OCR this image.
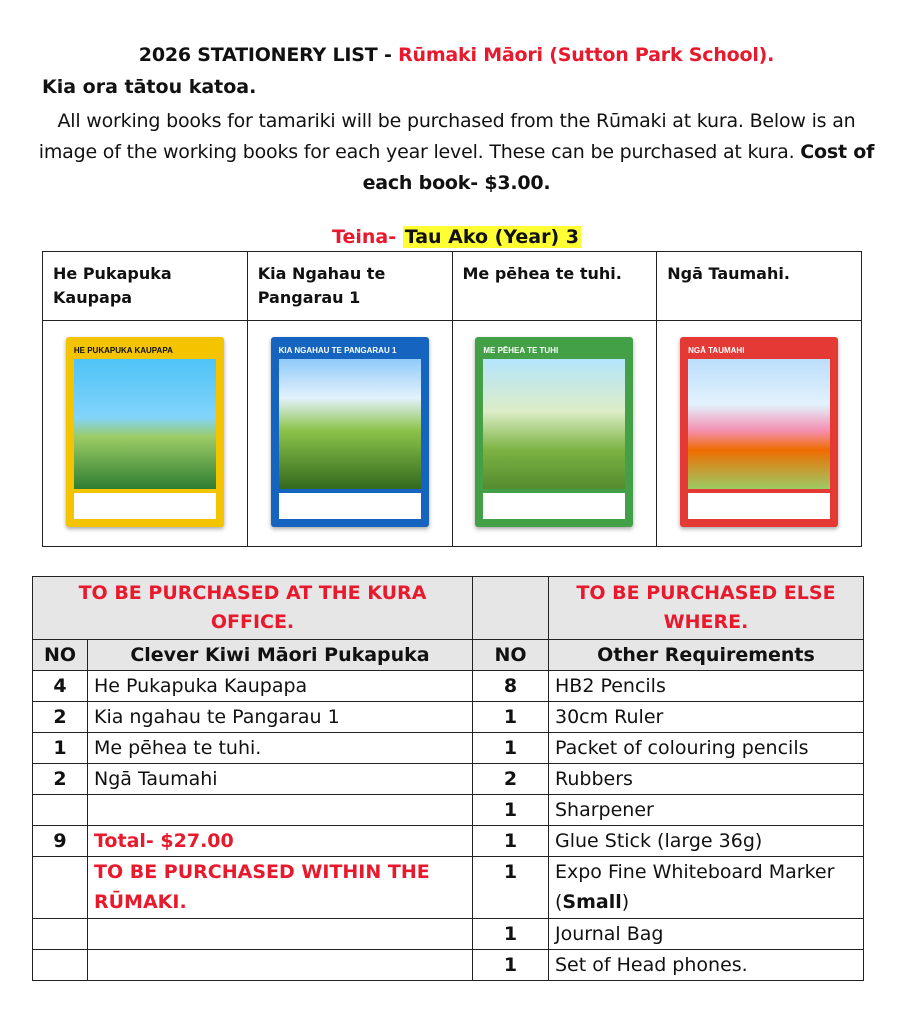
2026 STATIONERY LIST - Rūmaki Māori (Sutton Park School).
Kia ora tātou katoa.
All working books for tamariki will be purchased from the Rūmaki at kura. Below is an image of the working books for each year level. These can be purchased at kura. Cost of each book- $3.00.
Teina- Tau Ako (Year) 3
He Pukapuka Kaupapa	Kia Ngahau te Pangarau 1	Me pēhea te tuhi.	Ngā Taumahi.

HE PUKAPUKA KAUPAPA	KIA NGAHAU TE PANGARAU 1	ME PĒHEA TE TUHI	NGĀ TAUMAHI
TO BE PURCHASED AT THE KURA OFFICE.			TO BE PURCHASED ELSE WHERE.
NO	Clever Kiwi Māori Pukapuka	NO	Other Requirements
4	He Pukapuka Kaupapa	8	HB2 Pencils
2	Kia ngahau te Pangarau 1	1	30cm Ruler
1	Me pēhea te tuhi.	1	Packet of colouring pencils
2	Ngā Taumahi	2	Rubbers
		1	Sharpener
9	Total- $27.00	1	Glue Stick (large 36g)
	TO BE PURCHASED WITHIN THE RŪMAKI.	1	Expo Fine Whiteboard Marker (Small)
		1	Journal Bag
		1	Set of Head phones.
